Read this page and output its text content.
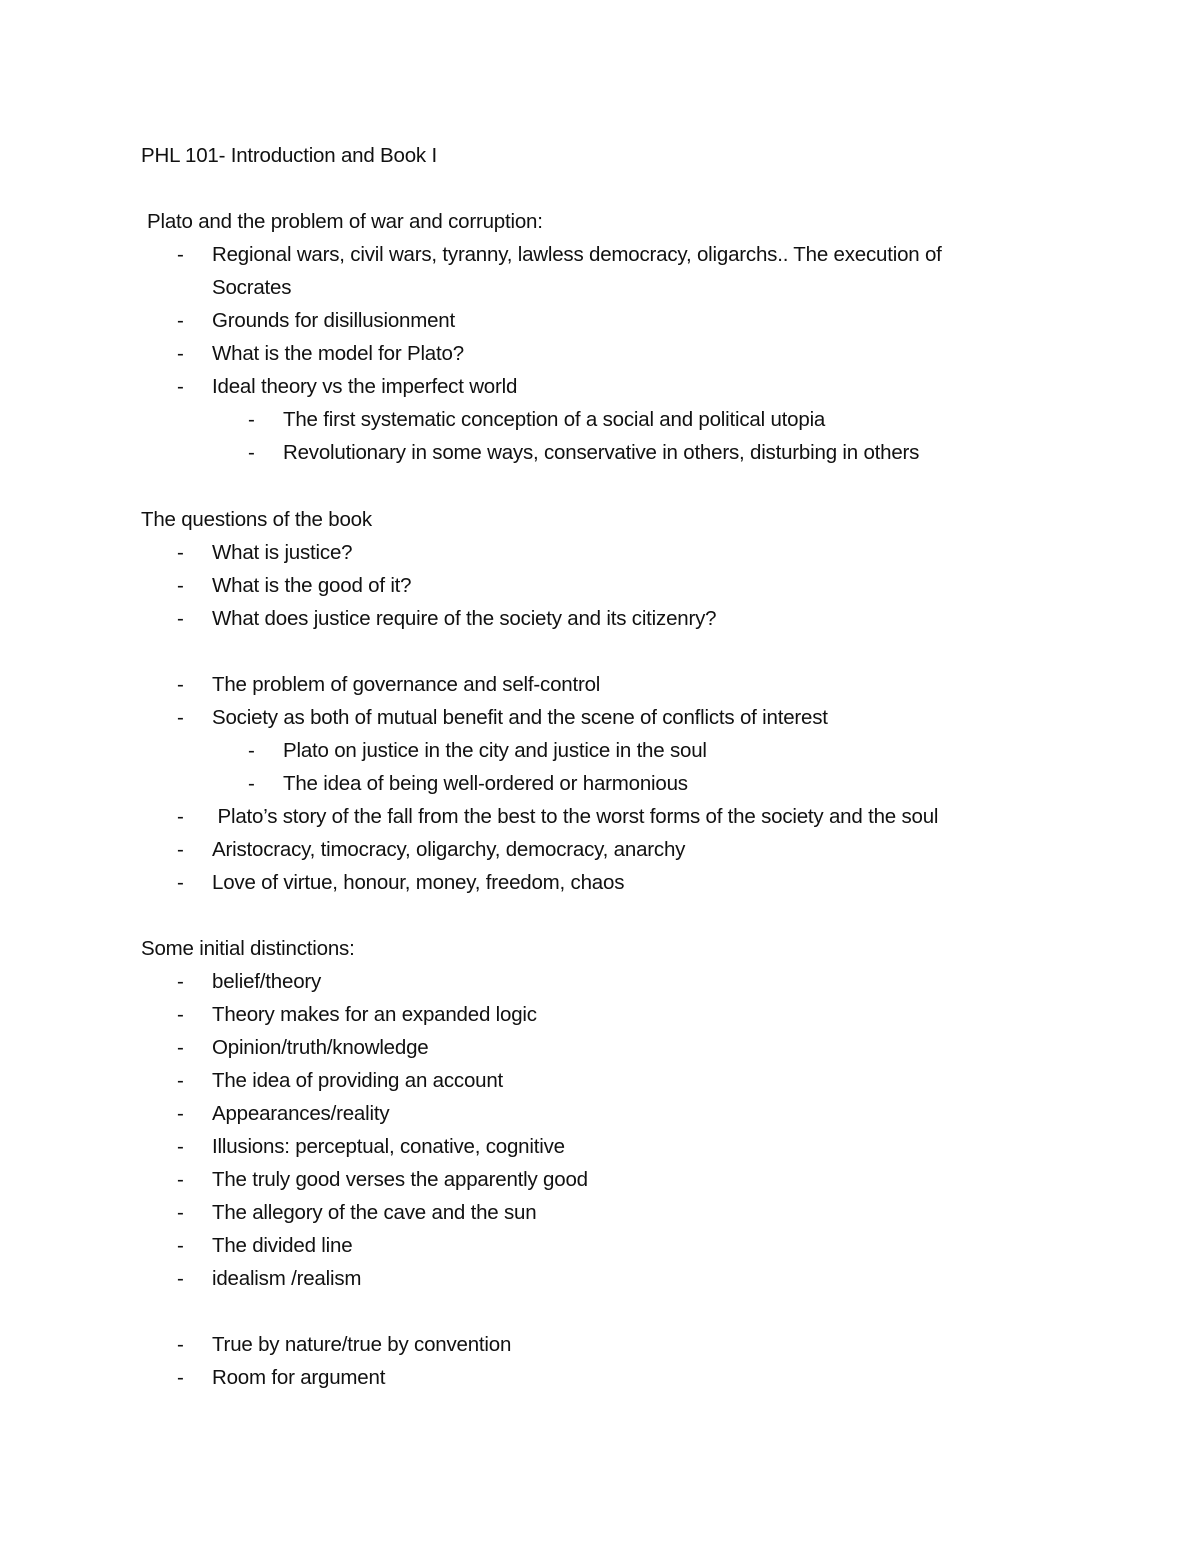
PHL 101- Introduction and Book I
Plato and the problem of war and corruption:
- Regional wars, civil wars, tyranny, lawless democracy, oligarchs.. The execution of
Socrates
- Grounds for disillusionment
- What is the model for Plato?
- Ideal theory vs the imperfect world
- The first systematic conception of a social and political utopia
- Revolutionary in some ways, conservative in others, disturbing in others
The questions of the book
- What is justice?
- What is the good of it?
- What does justice require of the society and its citizenry?
- The problem of governance and self-control
- Society as both of mutual benefit and the scene of conflicts of interest
- Plato on justice in the city and justice in the soul
- The idea of being well-ordered or harmonious
- Plato’s story of the fall from the best to the worst forms of the society and the soul
- Aristocracy, timocracy, oligarchy, democracy, anarchy
- Love of virtue, honour, money, freedom, chaos
Some initial distinctions:
- belief/theory
- Theory makes for an expanded logic
- Opinion/truth/knowledge
- The idea of providing an account
- Appearances/reality
- Illusions: perceptual, conative, cognitive
- The truly good verses the apparently good
- The allegory of the cave and the sun
- The divided line
- idealism /realism
- True by nature/true by convention
- Room for argument
